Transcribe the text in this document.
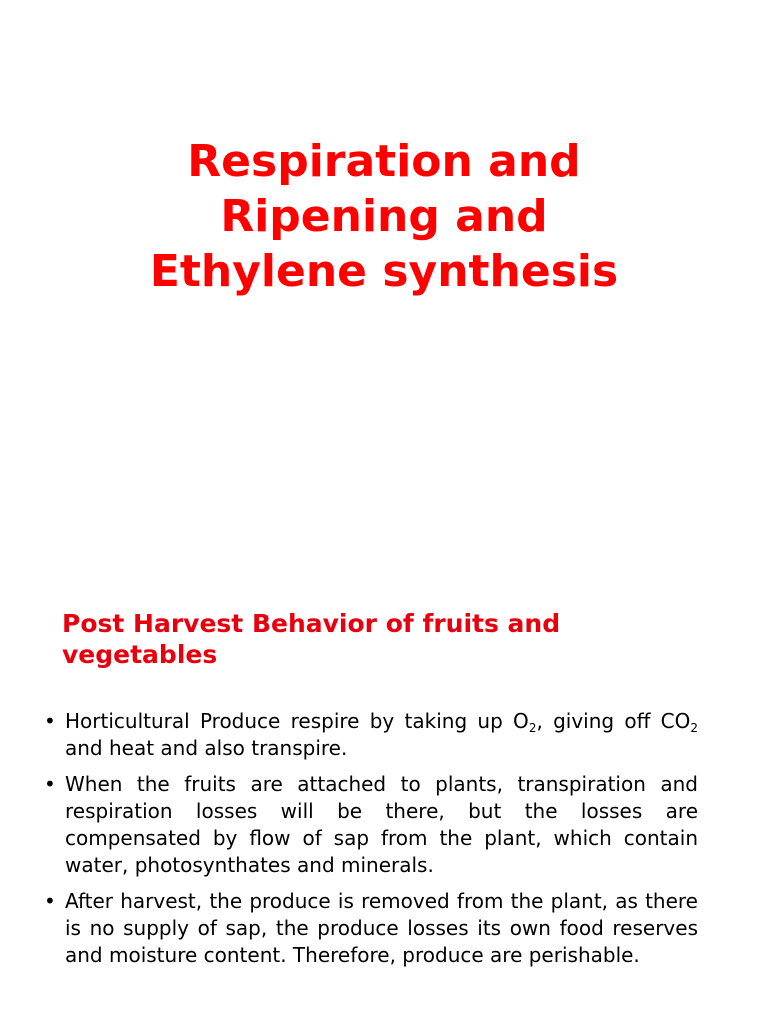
Respiration and
Ripening and
Ethylene synthesis
Post Harvest Behavior of fruits and
vegetables
• Horticultural Produce respire by taking up $O_2$, giving off $CO_2$ and heat and also transpire.
• When the fruits are attached to plants, transpiration and respiration losses will be there, but the losses are compensated by flow of sap from the plant, which contain water, photosynthates and minerals.
• After harvest, the produce is removed from the plant, as there is no supply of sap, the produce losses its own food reserves and moisture content. Therefore, produce are perishable.
